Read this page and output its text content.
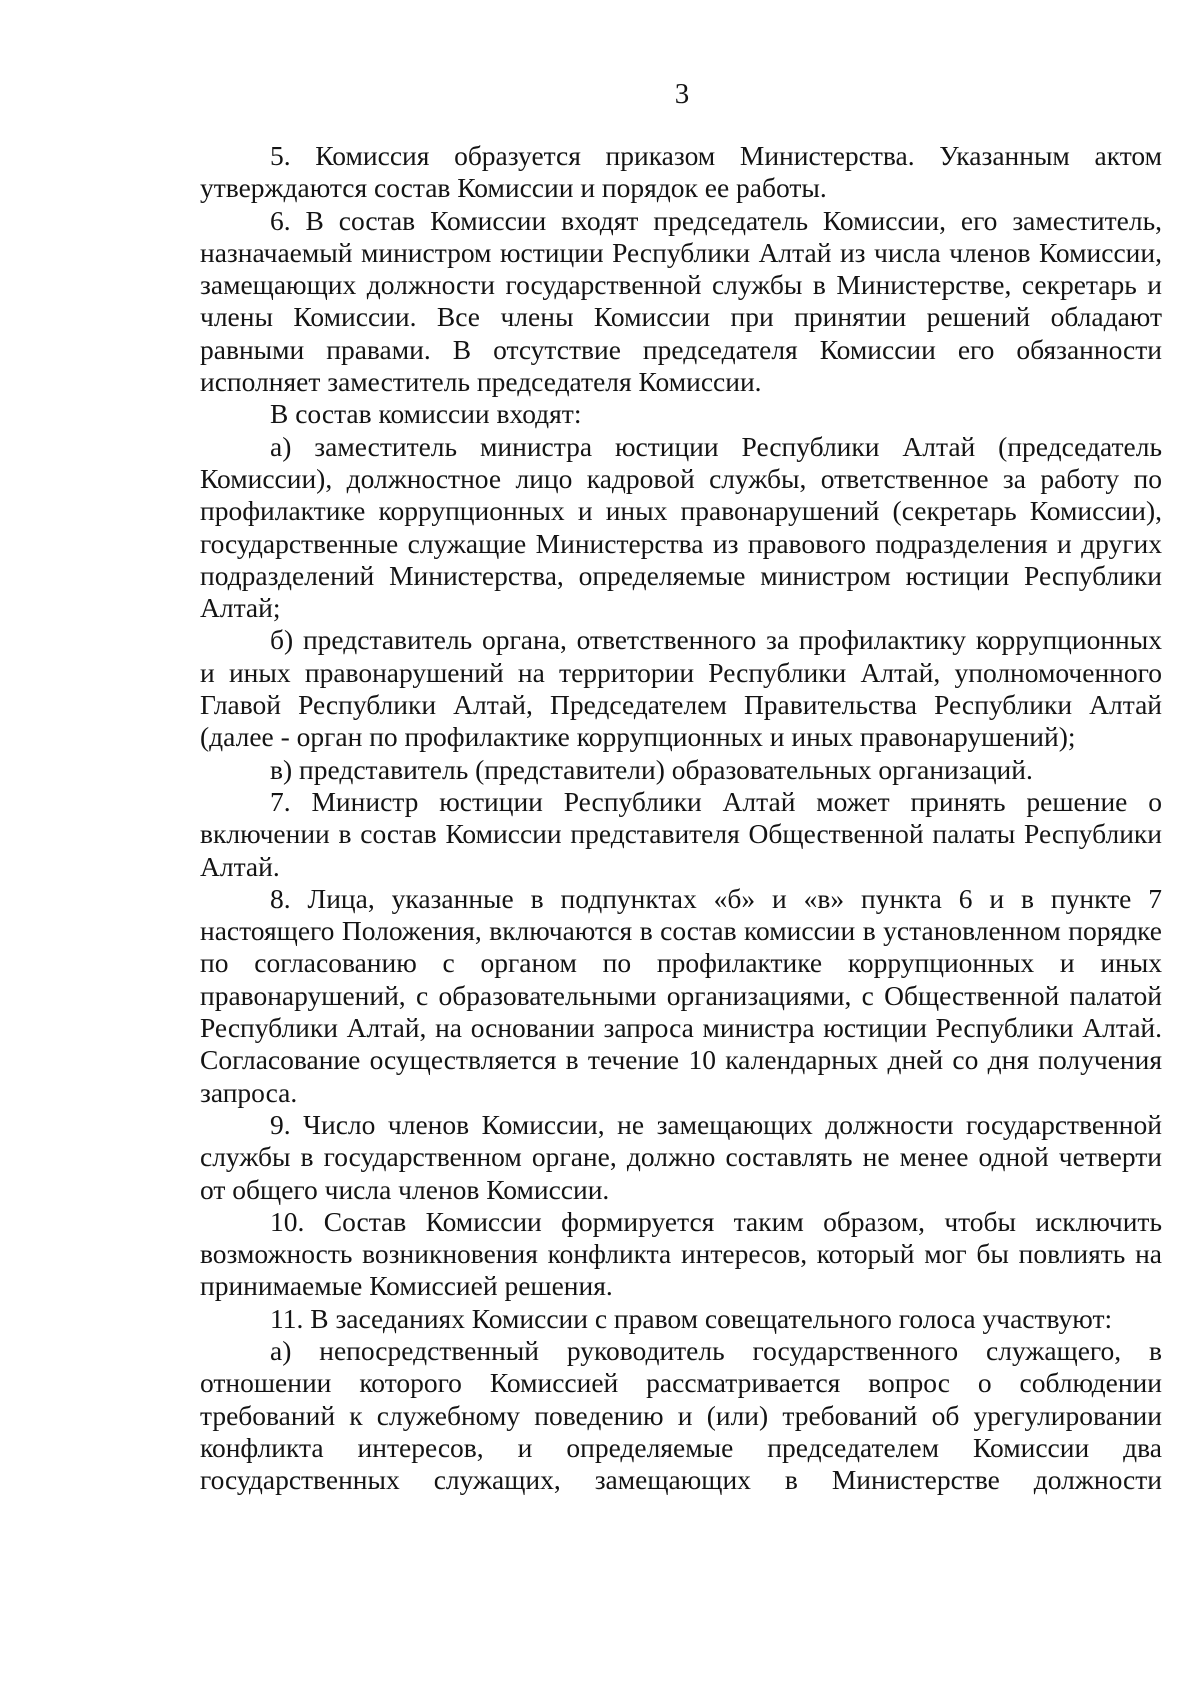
3

5. Комиссия образуется приказом Министерства. Указанным актом утверждаются состав Комиссии и порядок ее работы.

6. В состав Комиссии входят председатель Комиссии, его заместитель, назначаемый министром юстиции Республики Алтай из числа членов Комиссии, замещающих должности государственной службы в Министерстве, секретарь и члены Комиссии. Все члены Комиссии при принятии решений обладают равными правами. В отсутствие председателя Комиссии его обязанности исполняет заместитель председателя Комиссии.

В состав комиссии входят:

а) заместитель министра юстиции Республики Алтай (председатель Комиссии), должностное лицо кадровой службы, ответственное за работу по профилактике коррупционных и иных правонарушений (секретарь Комиссии), государственные служащие Министерства из правового подразделения и других подразделений Министерства, определяемые министром юстиции Республики Алтай;

б) представитель органа, ответственного за профилактику коррупционных и иных правонарушений на территории Республики Алтай, уполномоченного Главой Республики Алтай, Председателем Правительства Республики Алтай (далее - орган по профилактике коррупционных и иных правонарушений);

в) представитель (представители) образовательных организаций.

7. Министр юстиции Республики Алтай может принять решение о включении в состав Комиссии представителя Общественной палаты Республики Алтай.

8. Лица, указанные в подпунктах «б» и «в» пункта 6 и в пункте 7 настоящего Положения, включаются в состав комиссии в установленном порядке по согласованию с органом по профилактике коррупционных и иных правонарушений, с образовательными организациями, с Общественной палатой Республики Алтай, на основании запроса министра юстиции Республики Алтай. Согласование осуществляется в течение 10 календарных дней со дня получения запроса.

9. Число членов Комиссии, не замещающих должности государственной службы в государственном органе, должно составлять не менее одной четверти от общего числа членов Комиссии.

10. Состав Комиссии формируется таким образом, чтобы исключить возможность возникновения конфликта интересов, который мог бы повлиять на принимаемые Комиссией решения.

11. В заседаниях Комиссии с правом совещательного голоса участвуют:

а) непосредственный руководитель государственного служащего, в отношении которого Комиссией рассматривается вопрос о соблюдении требований к служебному поведению и (или) требований об урегулировании конфликта интересов, и определяемые председателем Комиссии два государственных служащих, замещающих в Министерстве должности
